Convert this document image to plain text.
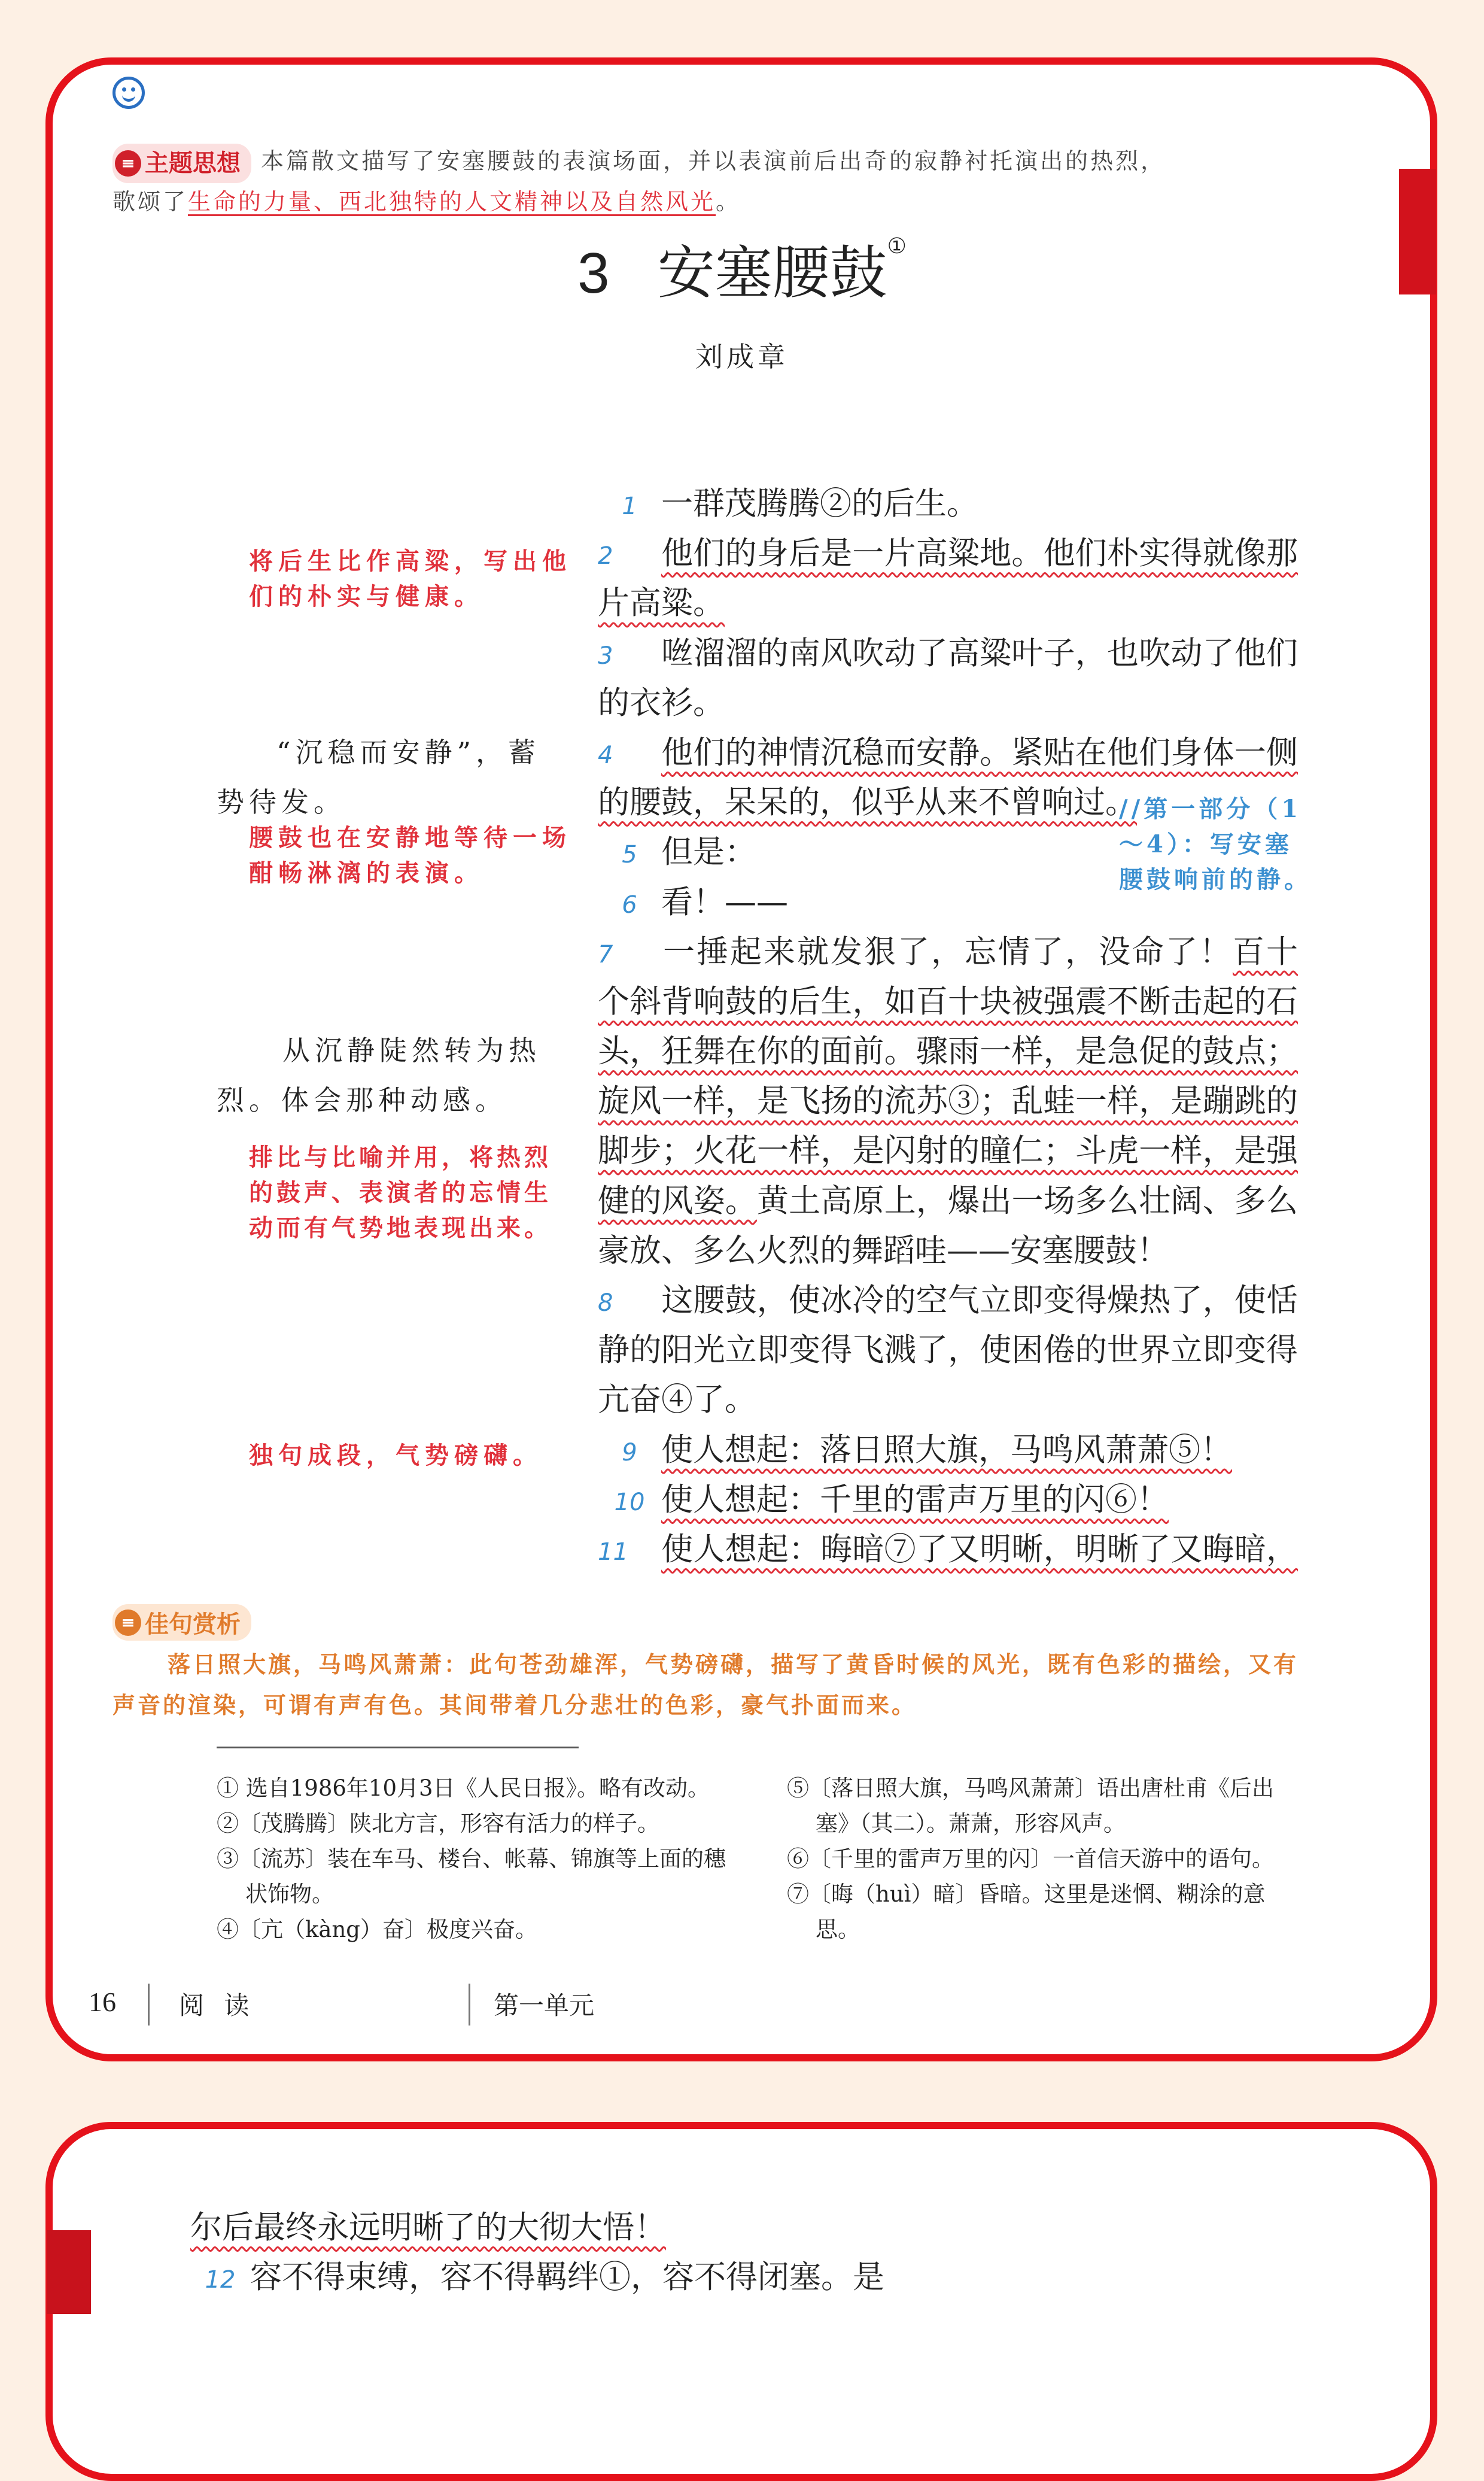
≡ 主题思想 本篇散文描写了安塞腰鼓的表演场面，并以表演前后出奇的寂静衬托演出的热烈，
歌颂了生命的力量、西北独特的人文精神以及自然风光。
3 安塞腰鼓①
刘成章
1 一群茂腾腾②的后生。
2 他们的身后是一片高粱地。他们朴实得就像那
片高粱。
3 咝溜溜的南风吹动了高粱叶子，也吹动了他们
的衣衫。
4 他们的神情沉稳而安静。紧贴在他们身体一侧
的腰鼓，呆呆的，似乎从来不曾响过。
5 但是：
6 看！——
7 一捶起来就发狠了，忘情了，没命了！百十
个斜背响鼓的后生，如百十块被强震不断击起的石
头，狂舞在你的面前。骤雨一样，是急促的鼓点；
旋风一样，是飞扬的流苏③；乱蛙一样，是蹦跳的
脚步；火花一样，是闪射的瞳仁；斗虎一样，是强
健的风姿。黄土高原上，爆出一场多么壮阔、多么
豪放、多么火烈的舞蹈哇——安塞腰鼓！
8 这腰鼓，使冰冷的空气立即变得燥热了，使恬
静的阳光立即变得飞溅了，使困倦的世界立即变得
亢奋④了。
9 使人想起：落日照大旗，马鸣风萧萧⑤！
10 使人想起：千里的雷声万里的闪⑥！
11 使人想起：晦暗⑦了又明晰，明晰了又晦暗，
将后生比作高粱，写出他们的朴实与健康。
“沉稳而安静”，蓄势待发。
腰鼓也在安静地等待一场酣畅淋漓的表演。
//第一部分（1～4）：写安塞腰鼓响前的静。
从沉静陡然转为热烈。体会那种动感。
排比与比喻并用，将热烈的鼓声、表演者的忘情生动而有气势地表现出来。
独句成段，气势磅礴。
≡ 佳句赏析
落日照大旗，马鸣风萧萧：此句苍劲雄浑，气势磅礴，描写了黄昏时候的风光，既有色彩的描绘，又有声音的渲染，可谓有声有色。其间带着几分悲壮的色彩，豪气扑面而来。
① 选自1986年10月3日《人民日报》。略有改动。
②〔茂腾腾〕陕北方言，形容有活力的样子。
③〔流苏〕装在车马、楼台、帐幕、锦旗等上面的穗状饰物。
④〔亢（kàng）奋〕极度兴奋。
⑤〔落日照大旗，马鸣风萧萧〕语出唐杜甫《后出塞》（其二）。萧萧，形容风声。
⑥〔千里的雷声万里的闪〕一首信天游中的语句。
⑦〔晦（huì）暗〕昏暗。这里是迷惘、糊涂的意思。
16	阅 读	第一单元
尔后最终永远明晰了的大彻大悟！
12 容不得束缚，容不得羁绊①，容不得闭塞。是
